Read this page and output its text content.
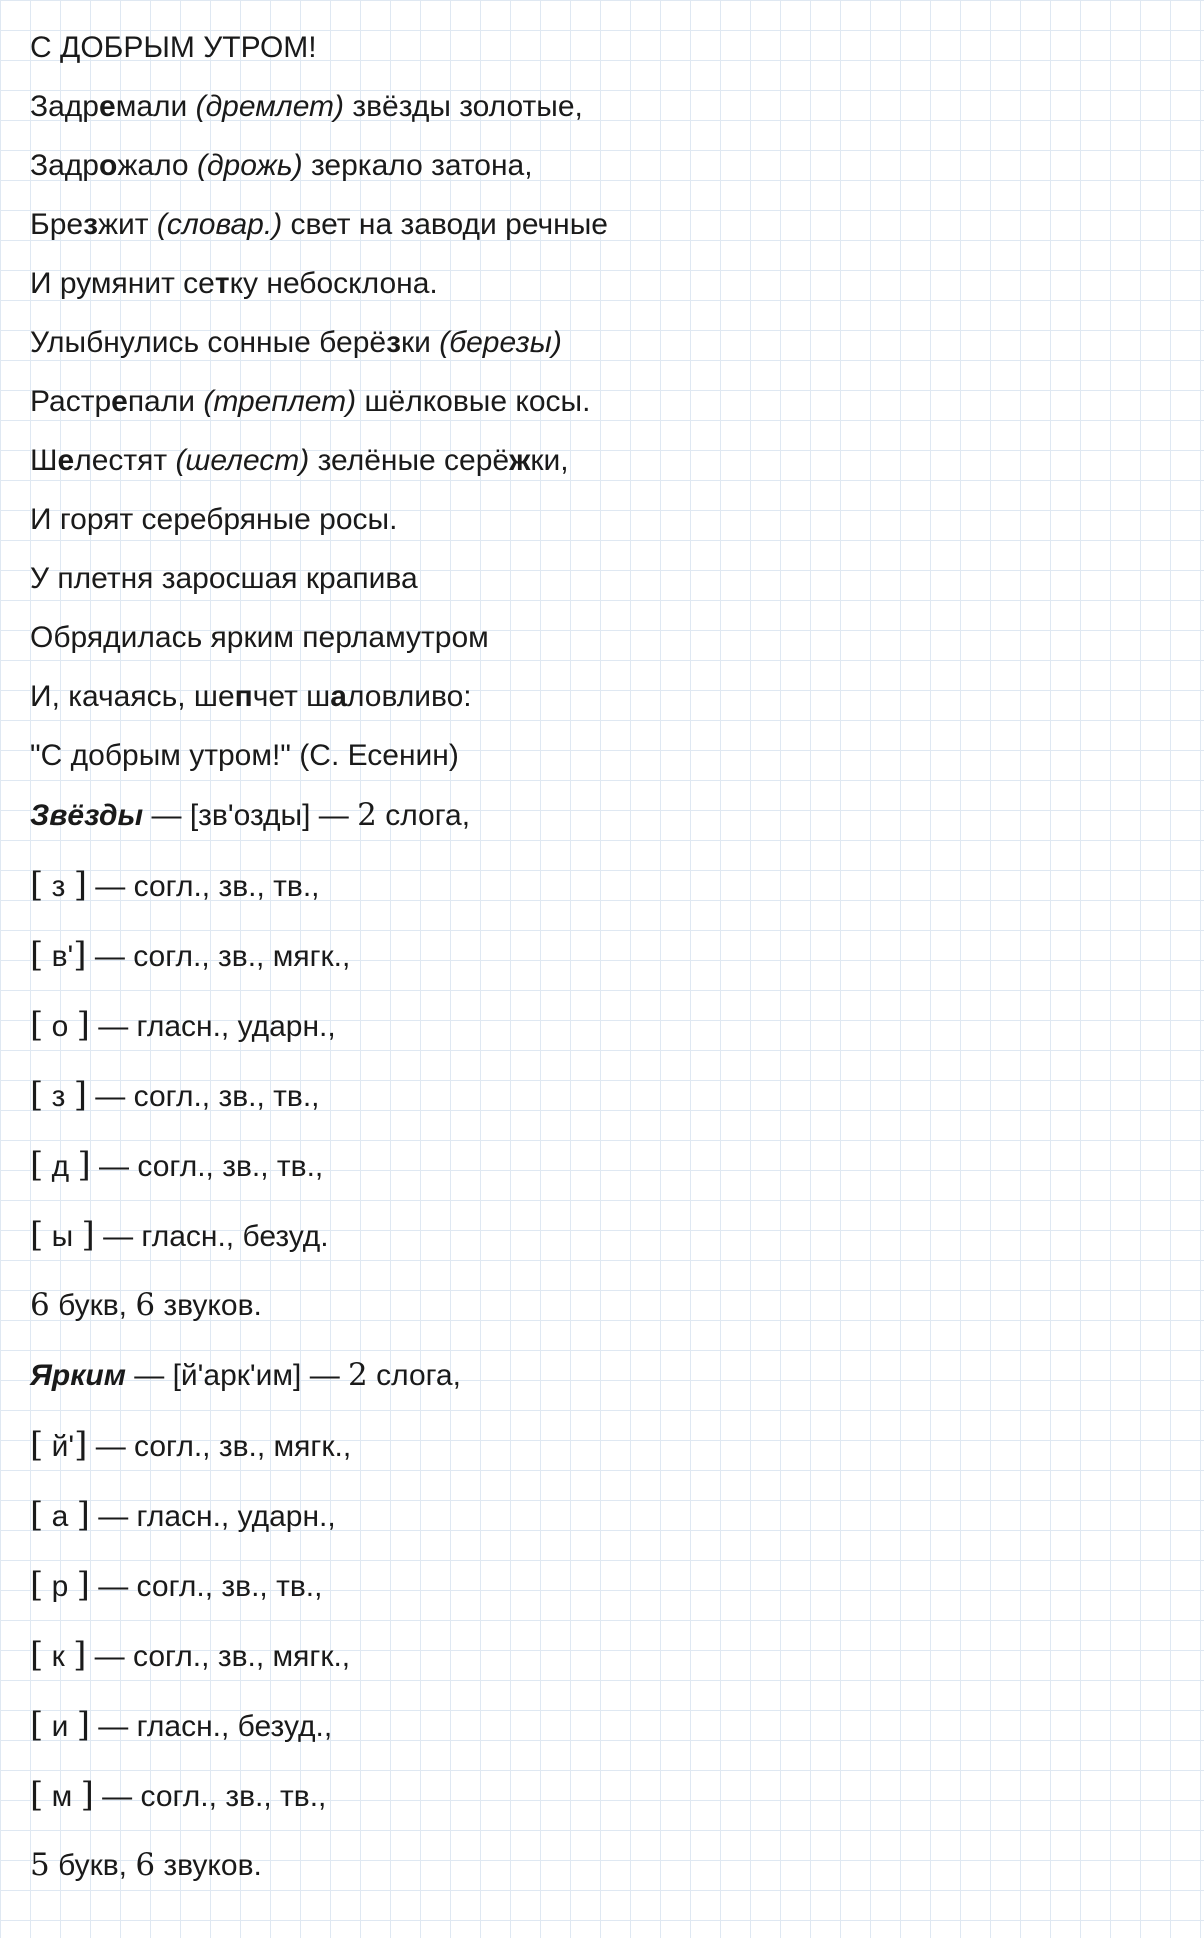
С ДОБРЫМ УТРОМ!
Задремали (дремлет) звёзды золотые,
Задрожало (дрожь) зеркало затона,
Брезжит (словар.) свет на заводи речные
И румянит сетку небосклона.
Улыбнулись сонные берёзки (березы)
Растрепали (треплет) шёлковые косы.
Шелестят (шелест) зелёные серёжки,
И горят серебряные росы.
У плетня заросшая крапива
Обрядилась ярким перламутром
И, качаясь, шепчет шаловливо:
"С добрым утром!" (С. Есенин)
Звёзды — [зв'озды] — 2 слога,
[ з ] — согл., зв., тв.,
[ в'] — согл., зв., мягк.,
[ о ] — гласн., ударн.,
[ з ] — согл., зв., тв.,
[ д ] — согл., зв., тв.,
[ ы ] — гласн., безуд.
6 букв, 6 звуков.
Ярким — [й'арк'им] — 2 слога,
[ й'] — согл., зв., мягк.,
[ а ] — гласн., ударн.,
[ р ] — согл., зв., тв.,
[ к ] — согл., зв., мягк.,
[ и ] — гласн., безуд.,
[ м ] — согл., зв., тв.,
5 букв, 6 звуков.
